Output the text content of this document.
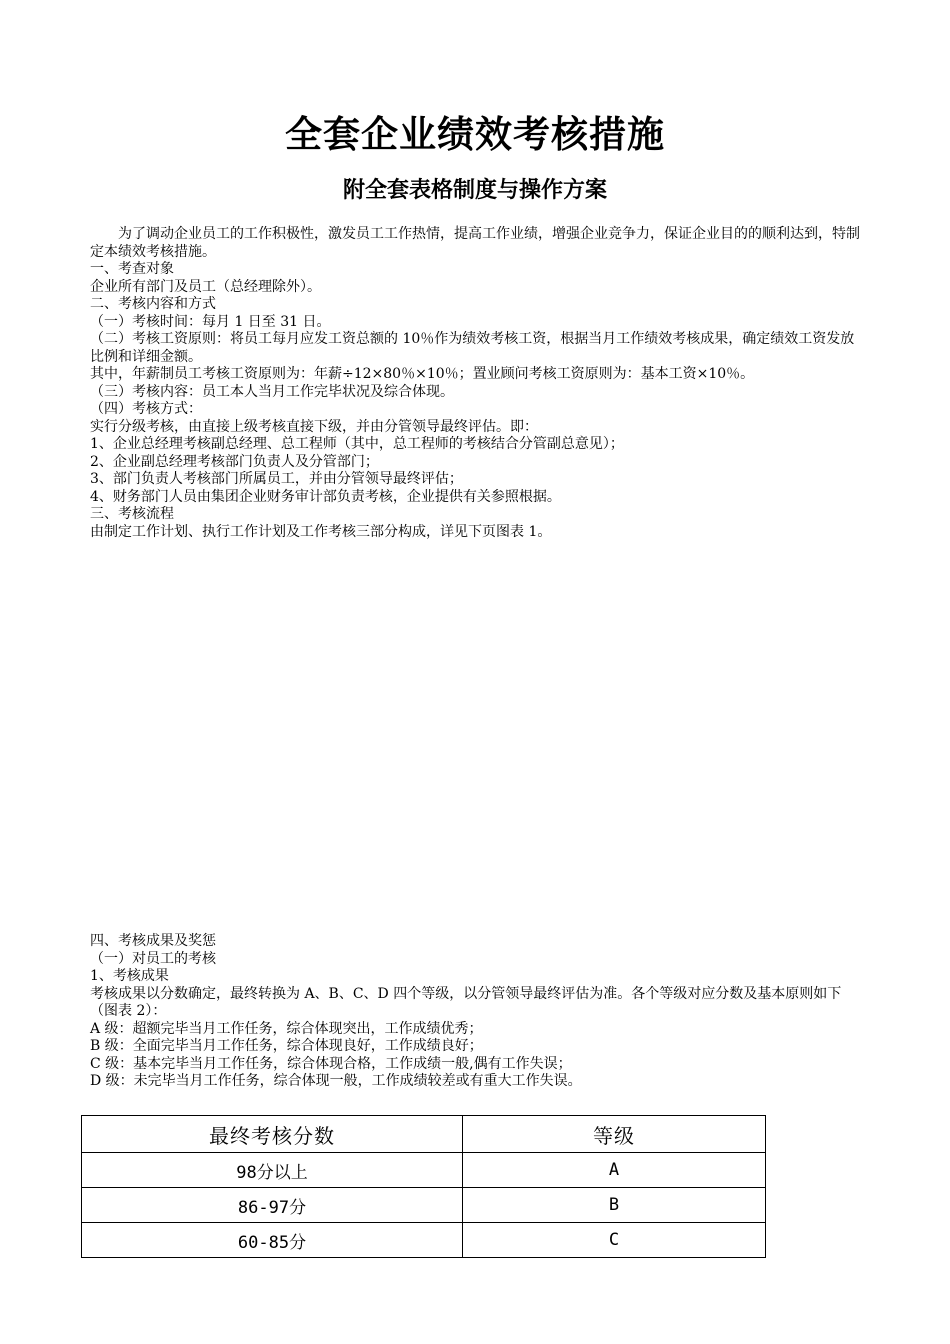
全套企业绩效考核措施
附全套表格制度与操作方案

为了调动企业员工的工作积极性，激发员工工作热情，提高工作业绩，增强企业竞争力，保证企业目的的顺利达到，特制定本绩效考核措施。

一、考查对象

企业所有部门及员工（总经理除外）。

二、考核内容和方式

（一）考核时间：每月 1 日至 31 日。

（二）考核工资原则：将员工每月应发工资总额的 10％作为绩效考核工资，根据当月工作绩效考核成果，确定绩效工资发放比例和详细金额。

其中，年薪制员工考核工资原则为：年薪÷12×80％×10％；置业顾问考核工资原则为：基本工资×10％。

（三）考核内容：员工本人当月工作完毕状况及综合体现。

（四）考核方式：

实行分级考核，由直接上级考核直接下级，并由分管领导最终评估。即：

1、企业总经理考核副总经理、总工程师（其中，总工程师的考核结合分管副总意见）；

2、企业副总经理考核部门负责人及分管部门；

3、部门负责人考核部门所属员工，并由分管领导最终评估；

4、财务部门人员由集团企业财务审计部负责考核，企业提供有关参照根据。

三、考核流程

由制定工作计划、执行工作计划及工作考核三部分构成，详见下页图表 1。

四、考核成果及奖惩

（一）对员工的考核

1、考核成果

考核成果以分数确定，最终转换为 A、B、C、D 四个等级，以分管领导最终评估为准。各个等级对应分数及基本原则如下（图表 2）：

A 级：超额完毕当月工作任务，综合体现突出，工作成绩优秀；

B 级：全面完毕当月工作任务，综合体现良好，工作成绩良好；

C 级：基本完毕当月工作任务，综合体现合格，工作成绩一般,偶有工作失误；

D 级：未完毕当月工作任务，综合体现一般，工作成绩较差或有重大工作失误。

最终考核分数	等级
98分以上	A
86-97分	B
60-85分	C
